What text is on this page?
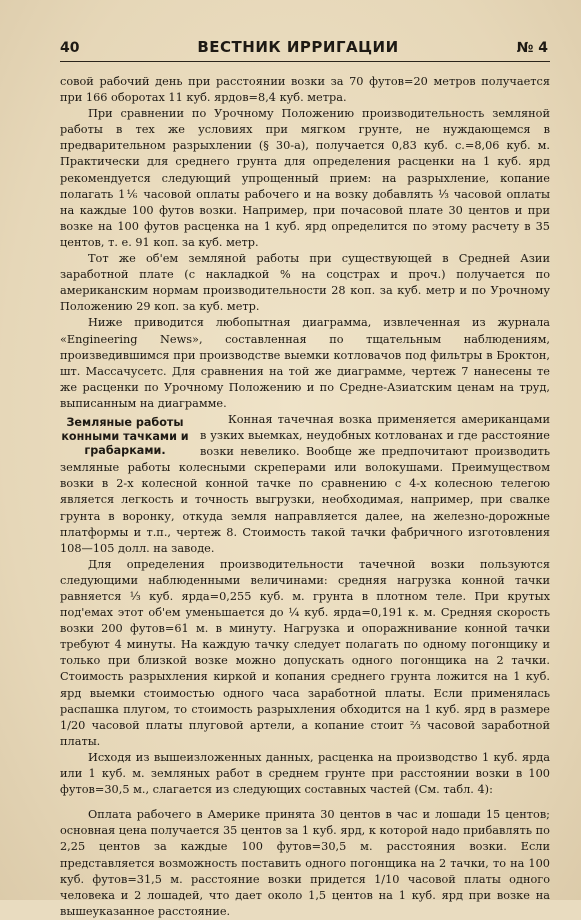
40	ВЕСТНИК ИРРИГАЦИИ	№ 4

совой рабочий день при расстоянии возки за 70 футов=20 метров получается при 166 оборотах 11 куб. ярдов=8,4 куб. метра.

При сравнении по Урочному Положению производительность земляной работы в тех же условиях при мягком грунте, не нуждающемся в предварительном разрыхлении (§ 30-а), получается 0,83 куб. с.=8,06 куб. м. Практически для среднего грунта для определения расценки на 1 куб. ярд рекомендуется следующий упрощенный прием: на разрыхление, копание полагать 1⅙ часовой оплаты рабочего и на возку добавлять ⅓ часовой оплаты на каждые 100 футов возки. Например, при почасовой плате 30 центов и при возке на 100 футов расценка на 1 куб. ярд определится по этому расчету в 35 центов, т. е. 91 коп. за куб. метр.

Тот же об'ем земляной работы при существующей в Средней Азии заработной плате (с накладкой % на соцстрах и проч.) получается по американским нормам производительности 28 коп. за куб. метр и по Урочному Положению 29 коп. за куб. метр.

Ниже приводится любопытная диаграмма, извлеченная из журнала «Engineering News», составленная по тщательным наблюдениям, произведившимся при производстве выемки котловачов под фильтры в Броктон, шт. Массачусетс. Для сравнения на той же диаграмме, чертеж 7 нанесены те же расценки по Урочному Положению и по Средне-Азиатским ценам на труд, выписанным на диаграмме.

Земляные работы конными тачками и грабарками.

Конная тачечная возка применяется американцами в узких выемках, неудобных котлованах и где расстояние возки невелико. Вообще же предпочитают производить земляные работы колесными скреперами или волокушами. Преимуществом возки в 2-х колесной конной тачке по сравнению с 4-х колесною телегою является легкость и точность выгрузки, необходимая, например, при свалке грунта в воронку, откуда земля направляется далее, на железно-дорожные платформы и т.п., чертеж 8. Стоимость такой тачки фабричного изготовления 108—105 долл. на заводе.

Для определения производительности тачечной возки пользуются следующими наблюденными величинами: средняя нагрузка конной тачки равняется ⅓ куб. ярда=0,255 куб. м. грунта в плотном теле. При крутых под'емах этот об'ем уменьшается до ¼ куб. ярда=0,191 к. м. Средняя скорость возки 200 футов=61 м. в минуту. Нагрузка и опоражнивание конной тачки требуют 4 минуты. На каждую тачку следует полагать по одному погонщику и только при близкой возке можно допускать одного погонщика на 2 тачки. Стоимость разрыхления киркой и копания среднего грунта ложится на 1 куб. ярд выемки стоимостью одного часа заработной платы. Если применялась распашка плугом, то стоимость разрыхления обходится на 1 куб. ярд в размере 1/20 часовой платы плуговой артели, а копание стоит ⅔ часовой заработной платы.

Исходя из вышеизложенных данных, расценка на производство 1 куб. ярда или 1 куб. м. земляных работ в среднем грунте при расстоянии возки в 100 футов=30,5 м., слагается из следующих составных частей (См. табл. 4):

Оплата рабочего в Америке принята 30 центов в час и лошади 15 центов; основная цена получается 35 центов за 1 куб. ярд, к которой надо прибавлять по 2,25 центов за каждые 100 футов=30,5 м. расстояния возки. Если представляется возможность поставить одного погонщика на 2 тачки, то на 100 куб. футов=31,5 м. расстояние возки придется 1/10 часовой платы одного человека и 2 лошадей, что дает около 1,5 центов на 1 куб. ярд при возке на вышеуказанное расстояние.
